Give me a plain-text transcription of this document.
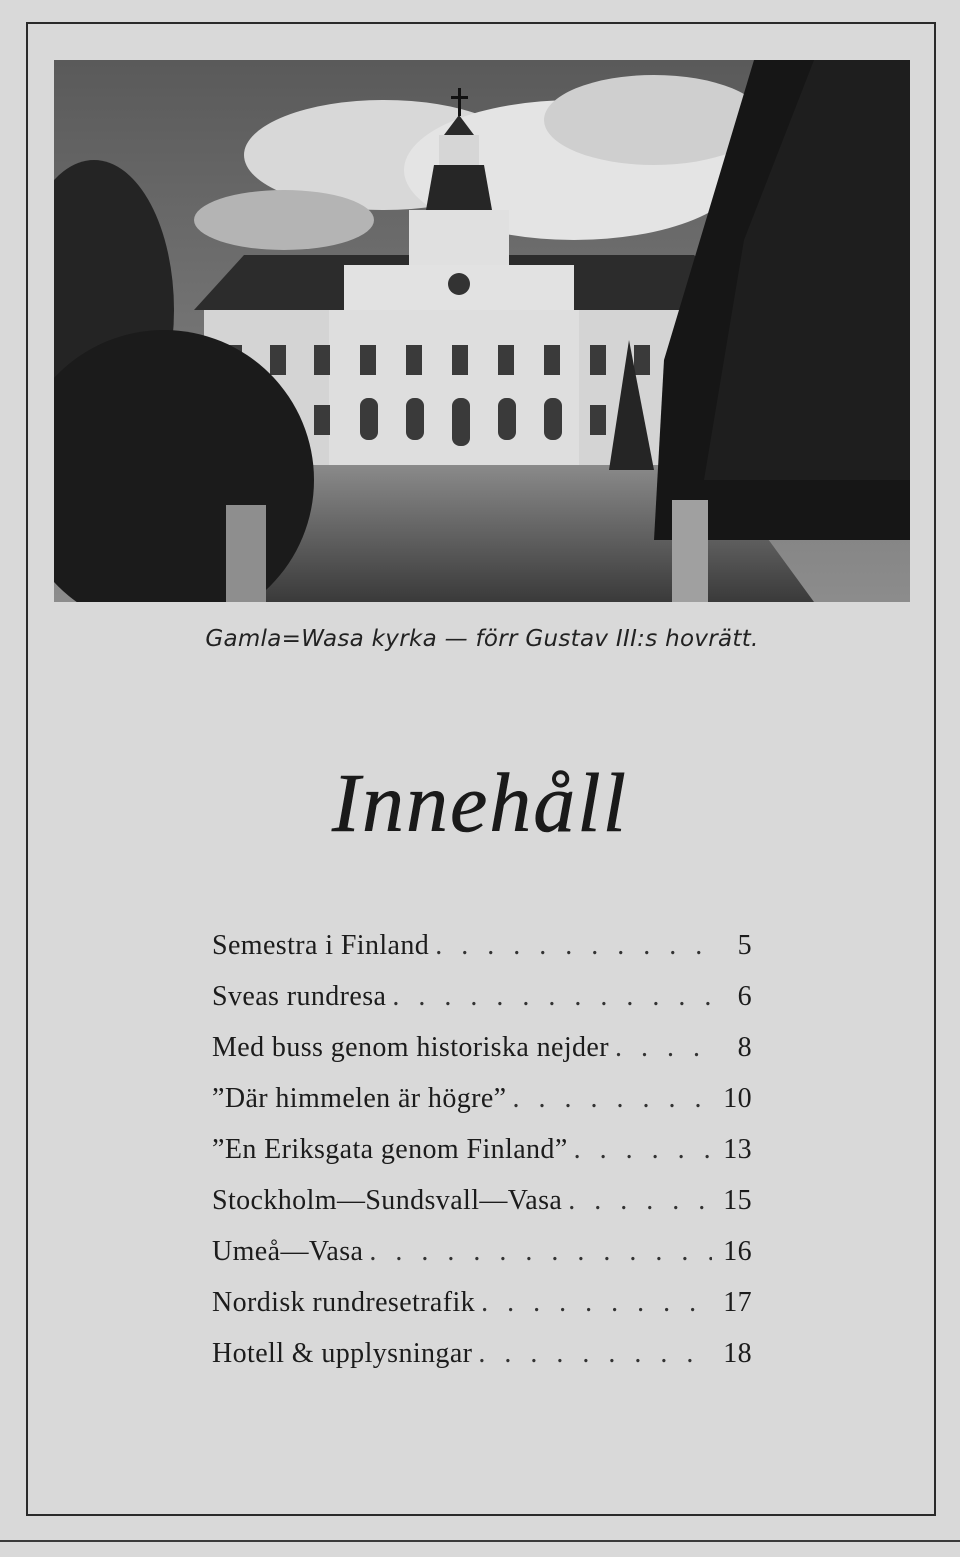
Gamla=Wasa kyrka — förr Gustav III:s hovrätt.
Innehåll
Semestra i Finland . . .	5
Sveas rundresa . . .	6
Med buss genom historiska nejder . . .	8
”Där himmelen är högre” . . .	10
”En Eriksgata genom Finland” . . .	13
Stockholm—Sundsvall—Vasa . . .	15
Umeå—Vasa . . .	16
Nordisk rundresetrafik . . .	17
Hotell & upplysningar . . .	18
